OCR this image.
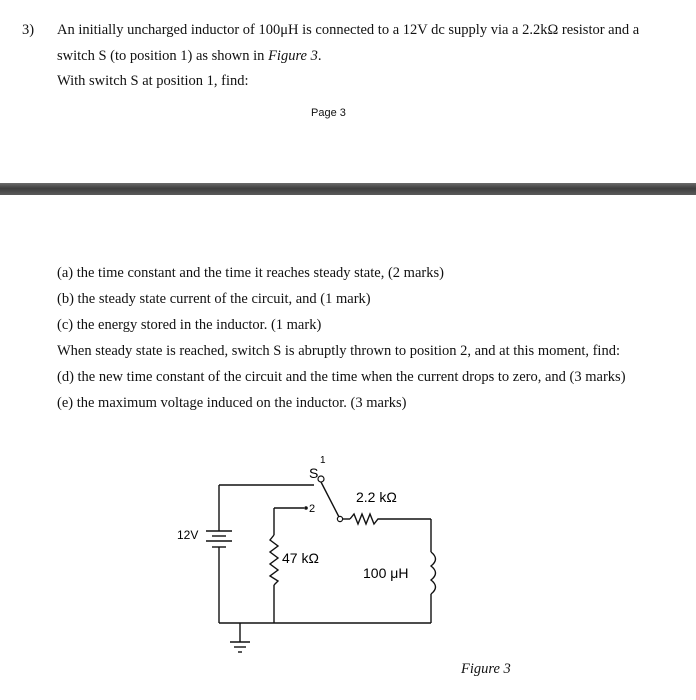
3) An initially uncharged inductor of 100μH is connected to a 12V dc supply via a 2.2kΩ resistor and a
switch S (to position 1) as shown in Figure 3.
With switch S at position 1, find:
Page 3
(a) the time constant and the time it reaches steady state, (2 marks)
(b) the steady state current of the circuit, and (1 mark)
(c) the energy stored in the inductor. (1 mark)
When steady state is reached, switch S is abruptly thrown to position 2, and at this moment, find:
(d) the new time constant of the circuit and the time when the current drops to zero, and (3 marks)
(e) the maximum voltage induced on the inductor. (3 marks)
S
1
2
2.2 kΩ
12V
47 kΩ
100 μH
Figure 3
